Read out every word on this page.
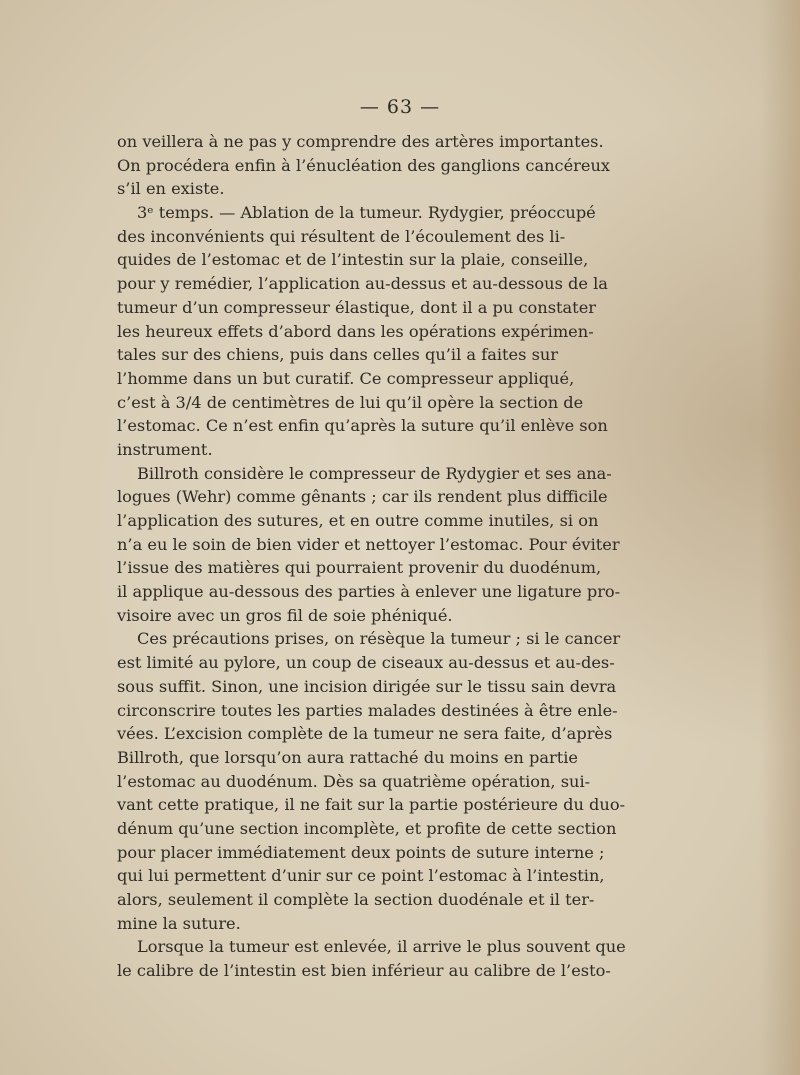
— 63 —
on veillera à ne pas y comprendre des artères importantes.
On procédera enfin à l’énucléation des ganglions cancéreux
s’il en existe.
3ᵉ temps. — Ablation de la tumeur. Rydygier, préoccupé
des inconvénients qui résultent de l’écoulement des li-
quides de l’estomac et de l’intestin sur la plaie, conseille,
pour y remédier, l’application au-dessus et au-dessous de la
tumeur d’un compresseur élastique, dont il a pu constater
les heureux effets d’abord dans les opérations expérimen-
tales sur des chiens, puis dans celles qu’il a faites sur
l’homme dans un but curatif. Ce compresseur appliqué,
c’est à 3/4 de centimètres de lui qu’il opère la section de
l’estomac. Ce n’est enfin qu’après la suture qu’il enlève son
instrument.
Billroth considère le compresseur de Rydygier et ses ana-
logues (Wehr) comme gênants ; car ils rendent plus difficile
l’application des sutures, et en outre comme inutiles, si on
n’a eu le soin de bien vider et nettoyer l’estomac. Pour éviter
l’issue des matières qui pourraient provenir du duodénum,
il applique au-dessous des parties à enlever une ligature pro-
visoire avec un gros fil de soie phéniqué.
Ces précautions prises, on résèque la tumeur ; si le cancer
est limité au pylore, un coup de ciseaux au-dessus et au-des-
sous suffit. Sinon, une incision dirigée sur le tissu sain devra
circonscrire toutes les parties malades destinées à être enle-
vées. L’excision complète de la tumeur ne sera faite, d’après
Billroth, que lorsqu’on aura rattaché du moins en partie
l’estomac au duodénum. Dès sa quatrième opération, sui-
vant cette pratique, il ne fait sur la partie postérieure du duo-
dénum qu’une section incomplète, et profite de cette section
pour placer immédiatement deux points de suture interne ;
qui lui permettent d’unir sur ce point l’estomac à l’intestin,
alors, seulement il complète la section duodénale et il ter-
mine la suture.
Lorsque la tumeur est enlevée, il arrive le plus souvent que
le calibre de l’intestin est bien inférieur au calibre de l’esto-
